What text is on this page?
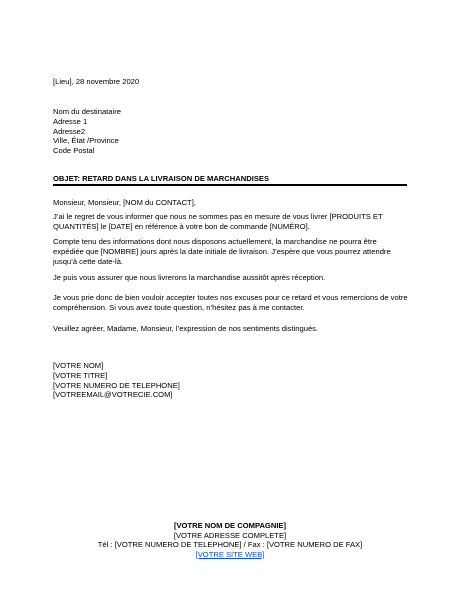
[Lieu], 28 novembre 2020
Nom du destinataire
Adresse 1
Adresse2
Ville, État /Province
Code Postal
OBJET: RETARD DANS LA LIVRAISON DE MARCHANDISES
Monsieur, Monsieur, [NOM du CONTACT],
J’ai le regret de vous informer que nous ne sommes pas en mesure de vous livrer [PRODUITS ET
QUANTITÉS] le [DATE] en référence à votre bon de commande [NUMÉRO].
Compte tenu des informations dont nous disposons actuellement, la marchandise ne pourra être
expédiée que [NOMBRE] jours après la date initiale de livraison. J’espère que vous pourrez attendre
jusqu’à cette date-là.
Je puis vous assurer que nous livrerons la marchandise aussitôt après réception.
Je vous prie donc de bien vouloir accepter toutes nos excuses pour ce retard et vous remercions de votre
compréhension. Si vous avez toute question, n’hésitez pas à me contacter.
Veuillez agréer, Madame, Monsieur, l’expression de nos sentiments distingués.
[VOTRE NOM]
[VOTRE TITRE]
[VOTRE NUMERO DE TELEPHONE]
[VOTREEMAIL@VOTRECIE.COM]
[VOTRE NOM DE COMPAGNIE]
[VOTRE ADRESSE COMPLETE]
Tél : [VOTRE NUMERO DE TELEPHONE] / Fax : [VOTRE NUMERO DE FAX]
[VOTRE SITE WEB]
